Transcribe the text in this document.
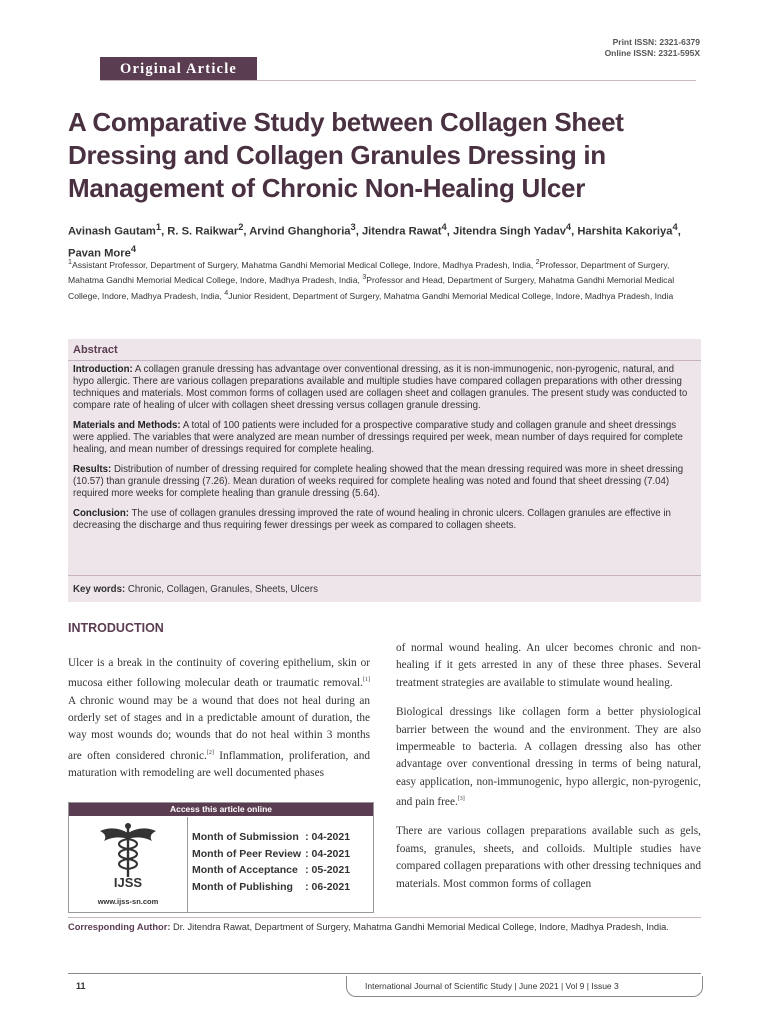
Print ISSN: 2321-6379
Online ISSN: 2321-595X
Original Article
A Comparative Study between Collagen Sheet Dressing and Collagen Granules Dressing in Management of Chronic Non-Healing Ulcer
Avinash Gautam$^1$, R. S. Raikwar$^2$, Arvind Ghanghoria$^3$, Jitendra Rawat$^4$, Jitendra Singh Yadav$^4$, Harshita Kakoriya$^4$, Pavan More$^4$
$^1$Assistant Professor, Department of Surgery, Mahatma Gandhi Memorial Medical College, Indore, Madhya Pradesh, India, $^2$Professor, Department of Surgery, Mahatma Gandhi Memorial Medical College, Indore, Madhya Pradesh, India, $^3$Professor and Head, Department of Surgery, Mahatma Gandhi Memorial Medical College, Indore, Madhya Pradesh, India, $^4$Junior Resident, Department of Surgery, Mahatma Gandhi Memorial Medical College, Indore, Madhya Pradesh, India
Abstract

Introduction: A collagen granule dressing has advantage over conventional dressing, as it is non-immunogenic, non-pyrogenic, natural, and hypo allergic. There are various collagen preparations available and multiple studies have compared collagen preparations with other dressing techniques and materials. Most common forms of collagen used are collagen sheet and collagen granules. The present study was conducted to compare rate of healing of ulcer with collagen sheet dressing versus collagen granule dressing.

Materials and Methods: A total of 100 patients were included for a prospective comparative study and collagen granule and sheet dressings were applied. The variables that were analyzed are mean number of dressings required per week, mean number of days required for complete healing, and mean number of dressings required for complete healing.

Results: Distribution of number of dressing required for complete healing showed that the mean dressing required was more in sheet dressing (10.57) than granule dressing (7.26). Mean duration of weeks required for complete healing was noted and found that sheet dressing (7.04) required more weeks for complete healing than granule dressing (5.64).

Conclusion: The use of collagen granules dressing improved the rate of wound healing in chronic ulcers. Collagen granules are effective in decreasing the discharge and thus requiring fewer dressings per week as compared to collagen sheets.

Key words: Chronic, Collagen, Granules, Sheets, Ulcers
INTRODUCTION

Ulcer is a break in the continuity of covering epithelium, skin or mucosa either following molecular death or traumatic removal.[1] A chronic wound may be a wound that does not heal during an orderly set of stages and in a predictable amount of duration, the way most wounds do; wounds that do not heal within 3 months are often considered chronic.[2] Inflammation, proliferation, and maturation with remodeling are well documented phases

of normal wound healing. An ulcer becomes chronic and non-healing if it gets arrested in any of these three phases. Several treatment strategies are available to stimulate wound healing.

Biological dressings like collagen form a better physiological barrier between the wound and the environment. They are also impermeable to bacteria. A collagen dressing also has other advantage over conventional dressing in terms of being natural, easy application, non-immunogenic, hypo allergic, non-pyrogenic, and pain free.[3]

There are various collagen preparations available such as gels, foams, granules, sheets, and colloids. Multiple studies have compared collagen preparations with other dressing techniques and materials. Most common forms of collagen

Access this article online
IJSS
www.ijss-sn.com
Month of Submission	: 04-2021
Month of Peer Review	: 04-2021
Month of Acceptance	: 05-2021
Month of Publishing	: 06-2021
Corresponding Author: Dr. Jitendra Rawat, Department of Surgery, Mahatma Gandhi Memorial Medical College, Indore, Madhya Pradesh, India.
11	International Journal of Scientific Study | June 2021 | Vol 9 | Issue 3
